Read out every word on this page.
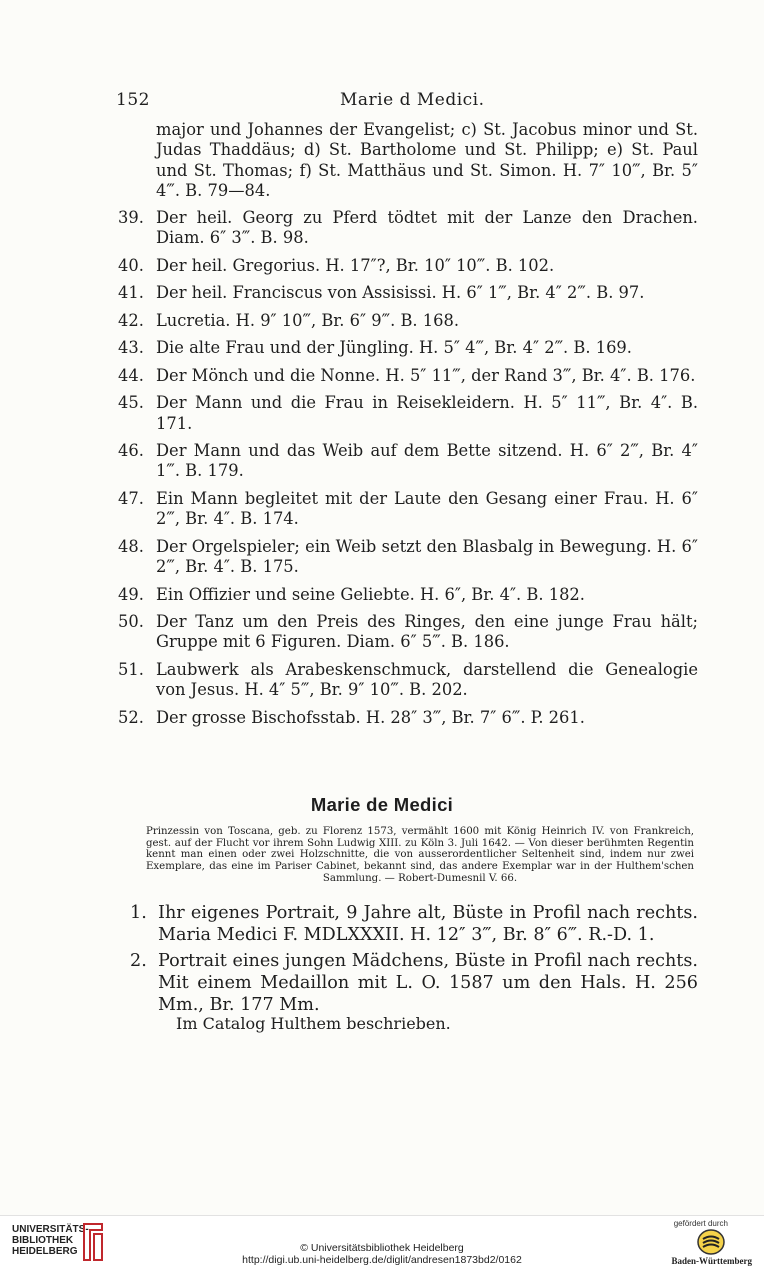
152	Marie d Medici.
major und Johannes der Evangelist; c) St. Jacobus minor und St. Judas Thaddäus; d) St. Bartholome und St. Philipp; e) St. Paul und St. Thomas; f) St. Matthäus und St. Simon. H. 7″ 10‴, Br. 5″ 4‴. B. 79—84.
39. Der heil. Georg zu Pferd tödtet mit der Lanze den Drachen. Diam. 6″ 3‴. B. 98.
40. Der heil. Gregorius. H. 17″?, Br. 10″ 10‴. B. 102.
41. Der heil. Franciscus von Assisissi. H. 6″ 1‴, Br. 4″ 2‴. B. 97.
42. Lucretia. H. 9″ 10‴, Br. 6″ 9‴. B. 168.
43. Die alte Frau und der Jüngling. H. 5″ 4‴, Br. 4″ 2‴. B. 169.
44. Der Mönch und die Nonne. H. 5″ 11‴, der Rand 3‴, Br. 4″. B. 176.
45. Der Mann und die Frau in Reisekleidern. H. 5″ 11‴, Br. 4″. B. 171.
46. Der Mann und das Weib auf dem Bette sitzend. H. 6″ 2‴, Br. 4″ 1‴. B. 179.
47. Ein Mann begleitet mit der Laute den Gesang einer Frau. H. 6″ 2‴, Br. 4″. B. 174.
48. Der Orgelspieler; ein Weib setzt den Blasbalg in Bewegung. H. 6″ 2‴, Br. 4″. B. 175.
49. Ein Offizier und seine Geliebte. H. 6″, Br. 4″. B. 182.
50. Der Tanz um den Preis des Ringes, den eine junge Frau hält; Gruppe mit 6 Figuren. Diam. 6″ 5‴. B. 186.
51. Laubwerk als Arabeskenschmuck, darstellend die Genealogie von Jesus. H. 4″ 5‴, Br. 9″ 10‴. B. 202.
52. Der grosse Bischofsstab. H. 28″ 3‴, Br. 7″ 6‴. P. 261.
Marie de Medici
Prinzessin von Toscana, geb. zu Florenz 1573, vermählt 1600 mit König Heinrich IV. von Frankreich, gest. auf der Flucht vor ihrem Sohn Ludwig XIII. zu Köln 3. Juli 1642. — Von dieser berühmten Regentin kennt man einen oder zwei Holzschnitte, die von ausserordentlicher Seltenheit sind, indem nur zwei Exemplare, das eine im Pariser Cabinet, bekannt sind, das andere Exemplar war in der Hulthem'schen Sammlung. — Robert-Dumesnil V. 66.
1. Ihr eigenes Portrait, 9 Jahre alt, Büste in Profil nach rechts. Maria Medici F. MDLXXXII. H. 12″ 3‴, Br. 8″ 6‴. R.-D. 1.
2. Portrait eines jungen Mädchens, Büste in Profil nach rechts. Mit einem Medaillon mit L. O. 1587 um den Hals. H. 256 Mm., Br. 177 Mm.
Im Catalog Hulthem beschrieben.
UNIVERSITÄTS-
BIBLIOTHEK
HEIDELBERG	© Universitätsbibliothek Heidelberg
http://digi.ub.uni-heidelberg.de/diglit/andresen1873bd2/0162
gefördert durch
Baden-Württemberg
